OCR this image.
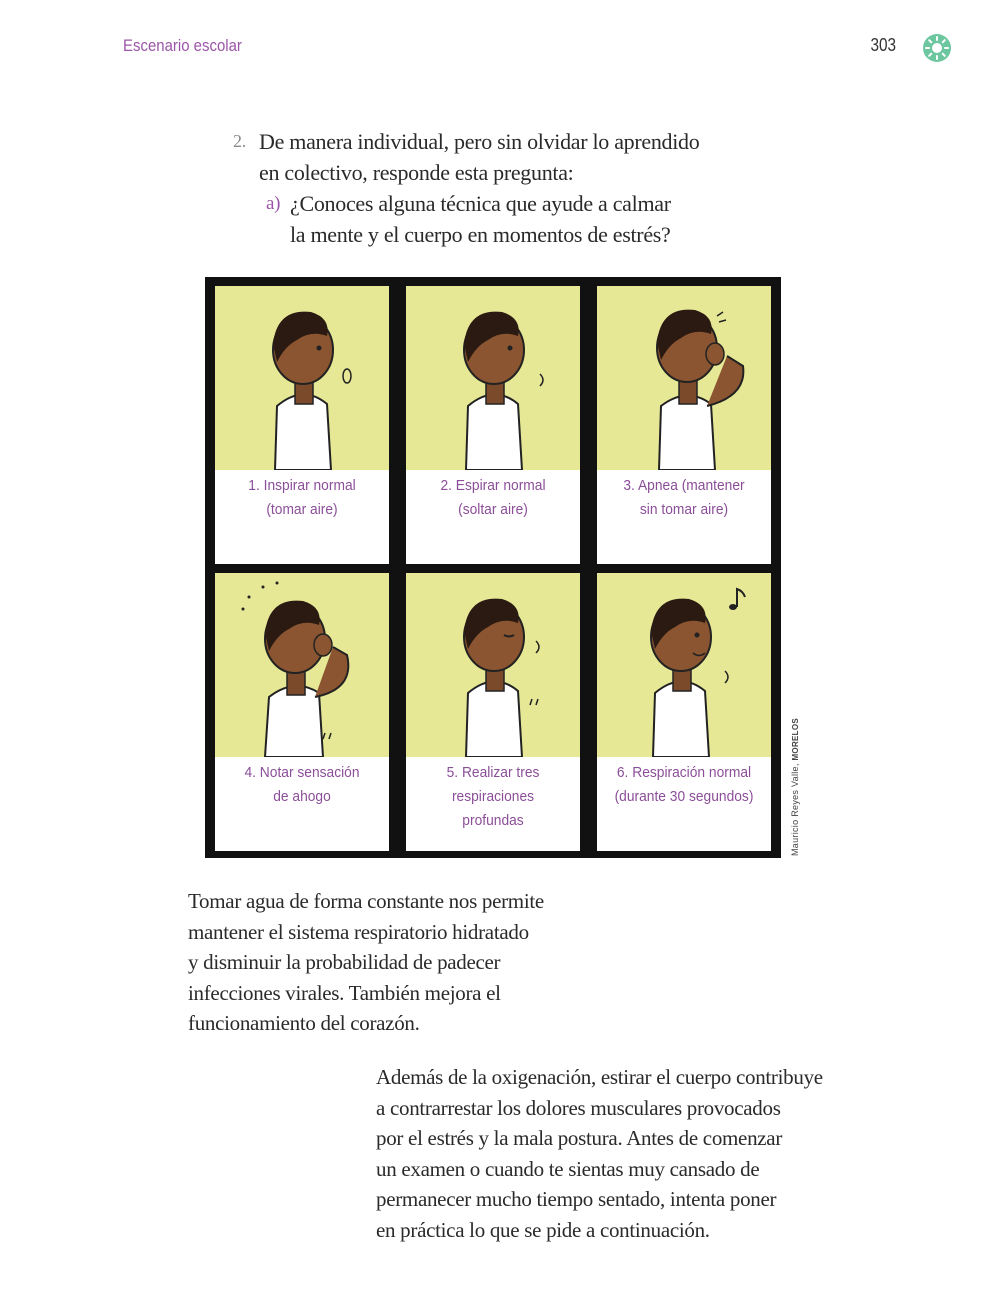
Escenario escolar	303
2. De manera individual, pero sin olvidar lo aprendido
en colectivo, responde esta pregunta:
a) ¿Conoces alguna técnica que ayude a calmar
la mente y el cuerpo en momentos de estrés?
1. Inspirar normal
(tomar aire)
2. Espirar normal
(soltar aire)
3. Apnea (mantener
sin tomar aire)
4. Notar sensación
de ahogo
5. Realizar tres
respiraciones
profundas
6. Respiración normal
(durante 30 segundos)	Mauricio Reyes Valle, MORELOS
Tomar agua de forma constante nos permite
mantener el sistema respiratorio hidratado
y disminuir la probabilidad de padecer
infecciones virales. También mejora el
funcionamiento del corazón.
Además de la oxigenación, estirar el cuerpo contribuye
a contrarrestar los dolores musculares provocados
por el estrés y la mala postura. Antes de comenzar
un examen o cuando te sientas muy cansado de
permanecer mucho tiempo sentado, intenta poner
en práctica lo que se pide a continuación.
